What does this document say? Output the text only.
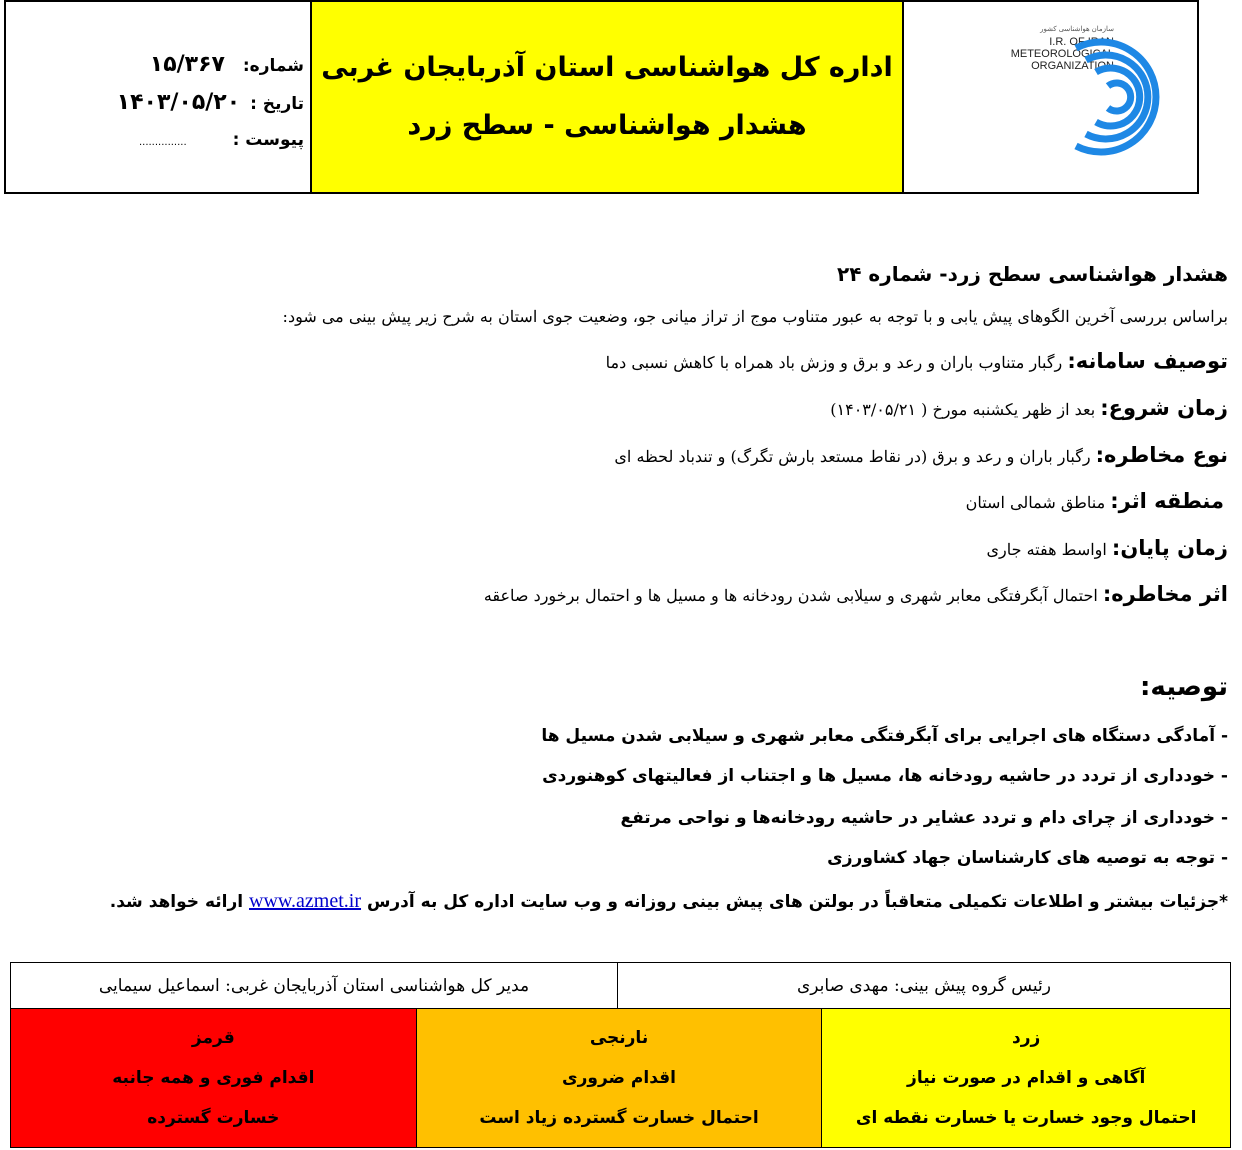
شماره: ۱۵/۳۶۷
تاریخ : ۱۴۰۳/۰۵/۲۰
پیوست : ...............
اداره کل هواشناسی استان آذربایجان غربی
هشدار هواشناسی - سطح زرد
سازمان هواشناسی کشور
I.R. OF IRAN
METEOROLOGICAL
ORGANIZATION
هشدار هواشناسی سطح زرد- شماره ۲۴
براساس بررسی آخرین الگوهای پیش یابی و با توجه به عبور متناوب موج از تراز میانی جو، وضعیت جوی استان به شرح زیر پیش بینی می شود:
توصیف سامانه: رگبار متناوب باران و رعد و برق و وزش باد همراه با کاهش نسبی دما
زمان شروع: بعد از ظهر یکشنبه مورخ ( ۱۴۰۳/۰۵/۲۱)
نوع مخاطره: رگبار باران و رعد و برق (در نقاط مستعد بارش تگرگ) و تندباد لحظه ای
منطقه اثر: مناطق شمالی استان
زمان پایان: اواسط هفته جاری
اثر مخاطره: احتمال آبگرفتگی معابر شهری و سیلابی شدن رودخانه ها و مسیل ها و احتمال برخورد صاعقه
توصیه:
- آمادگی دستگاه های اجرایی برای آبگرفتگی معابر شهری و سیلابی شدن مسیل ها
- خودداری از تردد در حاشیه رودخانه ها، مسیل ها و اجتناب از فعالیتهای کوهنوردی
- خودداری از چرای دام و تردد عشایر در حاشیه رودخانه‌ها و نواحی مرتفع
- توجه به توصیه های کارشناسان جهاد کشاورزی
*جزئیات بیشتر و اطلاعات تکمیلی متعاقباً در بولتن های پیش بینی روزانه و وب سایت اداره کل به آدرس www.azmet.ir ارائه خواهد شد.
مدیر کل هواشناسی استان آذربایجان غربی: اسماعیل سیمایی	رئیس گروه پیش بینی: مهدی صابری
قرمز
اقدام فوری و همه جانبه
خسارت گسترده

نارنجی
اقدام ضروری
احتمال خسارت گسترده زیاد است

زرد
آگاهی و اقدام در صورت نیاز
احتمال وجود خسارت یا خسارت نقطه ای
